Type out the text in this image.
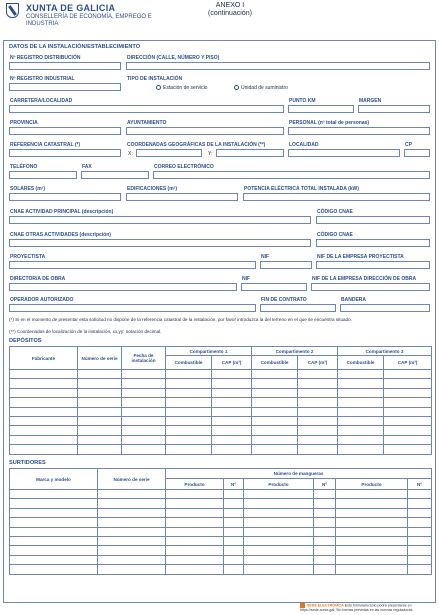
XUNTA DE GALICIA
CONSELLERÍA DE ECONOMÍA, EMPREGO E INDUSTRIA
ANEXO I
(continuación)
DATOS DE LA INSTALACIÓN/ESTABLECIMIENTO
Nº REGISTRO DISTRIBUCIÓN	DIRECCIÓN (CALLE, NÚMERO Y PISO)
Nº REGISTRO INDUSTRIAL	TIPO DE INSTALACIÓN
Estación de servicio	Unidad de suministro
CARRETERA/LOCALIDAD	PUNTO KM	MARGEN
PROVINCIA	AYUNTAMIENTO	PERSONAL (nº total de personas)
REFERENCIA CATASTRAL (*)	COORDENADAS GEOGRÁFICAS DE LA INSTALACIÓN (**)
X:	Y:
LOCALIDAD	CP
TELÉFONO	FAX	CORREO ELECTRÓNICO
SOLARES (m²)	EDIFICACIONES (m²)	POTENCIA ELÉCTRICA TOTAL INSTALADA (kW)
CNAE ACTIVIDAD PRINCIPAL (descripción)	CÓDIGO CNAE
CNAE OTRAS ACTIVIDADES (descripción)	CÓDIGO CNAE
PROYECTISTA	NIF	NIF DE LA EMPRESA PROYECTISTA
DIRECTOR/A DE OBRA	NIF	NIF DE LA EMPRESA DIRECCIÓN DE OBRA
OPERADOR AUTORIZADO	FIN DE CONTRATO	BANDERA
(*) Si en el momento de presentar esta solicitud no dispone de la referencia catastral de la instalación, por favor introduzca la del terreno en el que se encuentra situado.
(**) Coordenadas de localización de la instalación, xx,yy: notación decimal.
DEPÓSITOS
Fabricante	Número de serie	Fecha de instalación	Compartimento 1		Compartimento 2		Compartimento 3	
			Combustible	CAP (m³)	Combustible	CAP (m³)	Combustible	CAP (m³)

SURTIDORES
Marca y modelo	Número de serie	Número de mangueras					
		Producto	Nº	Producto	Nº	Producto	Nº

SEDE ELECTRÓNICA Este formulario sólo podrá presentarse en https://sede.xunta.gal. Sin formas previstas en las normas reguladoras.
